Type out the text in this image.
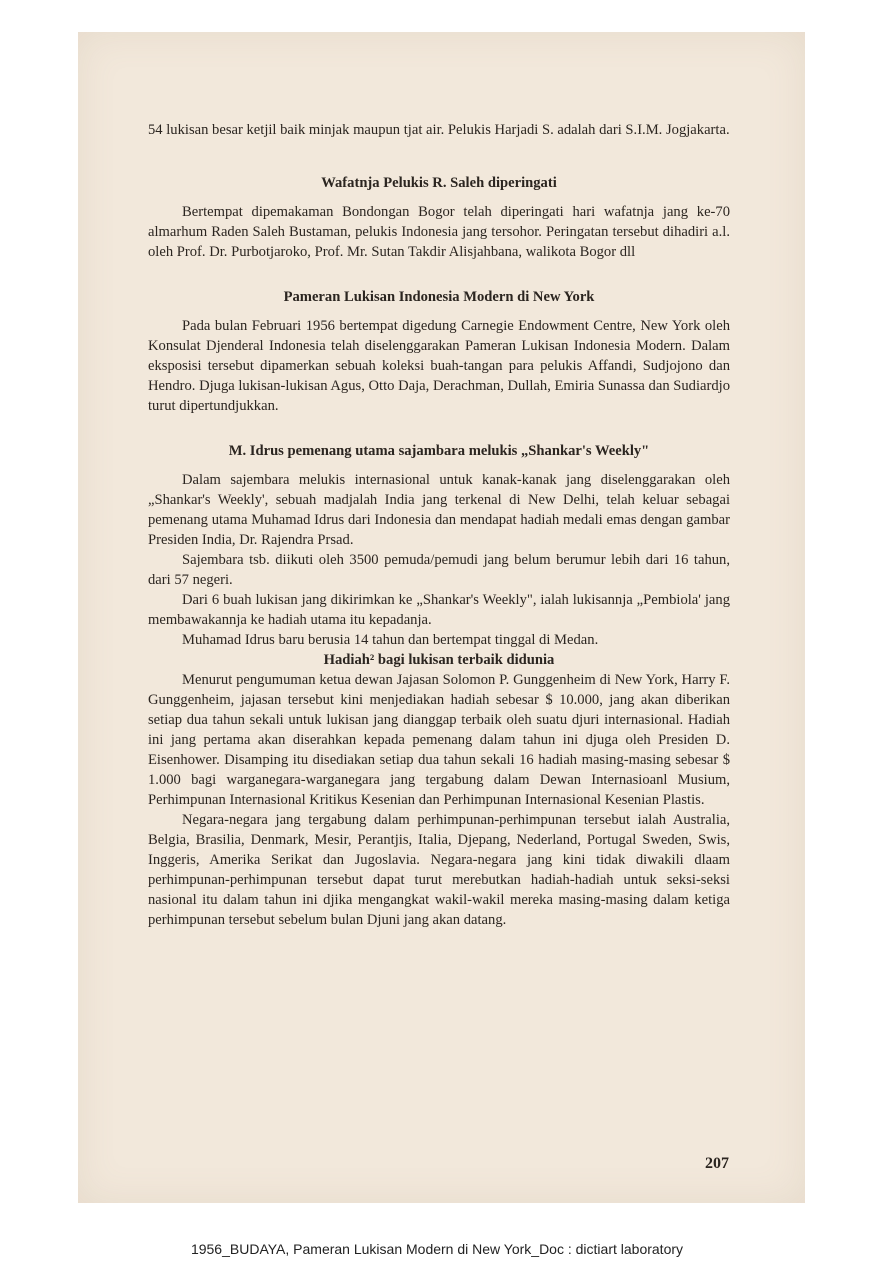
54 lukisan besar ketjil baik minjak maupun tjat air. Pelukis Harjadi S. adalah dari S.I.M. Jogjakarta.

Wafatnja Pelukis R. Saleh diperingati

Bertempat dipemakaman Bondongan Bogor telah diperingati hari wafatnja jang ke-70 almarhum Raden Saleh Bustaman, pelukis Indonesia jang tersohor. Peringatan tersebut dihadiri a.l. oleh Prof. Dr. Purbotjaroko, Prof. Mr. Sutan Takdir Alisjahbana, walikota Bogor dll

Pameran Lukisan Indonesia Modern di New York

Pada bulan Februari 1956 bertempat digedung Carnegie Endowment Centre, New York oleh Konsulat Djenderal Indonesia telah diselenggarakan Pameran Lukisan Indonesia Modern. Dalam eksposisi tersebut dipamerkan sebuah koleksi buah-tangan para pelukis Affandi, Sudjojono dan Hendro. Djuga lukisan-lukisan Agus, Otto Daja, Derachman, Dullah, Emiria Sunassa dan Sudiardjo turut dipertundjukkan.

M. Idrus pemenang utama sajambara melukis „Shankar's Weekly"

Dalam sajembara melukis internasional untuk kanak-kanak jang diselenggarakan oleh „Shankar's Weekly', sebuah madjalah India jang terkenal di New Delhi, telah keluar sebagai pemenang utama Muhamad Idrus dari Indonesia dan mendapat hadiah medali emas dengan gambar Presiden India, Dr. Rajendra Prsad.

Sajembara tsb. diikuti oleh 3500 pemuda/pemudi jang belum berumur lebih dari 16 tahun, dari 57 negeri.

Dari 6 buah lukisan jang dikirimkan ke „Shankar's Weekly", ialah lukisannja „Pembiola' jang membawakannja ke hadiah utama itu kepadanja.

Muhamad Idrus baru berusia 14 tahun dan bertempat tinggal di Medan.

Hadiah² bagi lukisan terbaik didunia

Menurut pengumuman ketua dewan Jajasan Solomon P. Gunggenheim di New York, Harry F. Gunggenheim, jajasan tersebut kini menjediakan hadiah sebesar $ 10.000, jang akan diberikan setiap dua tahun sekali untuk lukisan jang dianggap terbaik oleh suatu djuri internasional. Hadiah ini jang pertama akan diserahkan kepada pemenang dalam tahun ini djuga oleh Presiden D. Eisenhower. Disamping itu disediakan setiap dua tahun sekali 16 hadiah masing-masing sebesar $ 1.000 bagi warganegara-warganegara jang tergabung dalam Dewan Internasioanl Musium, Perhimpunan Internasional Kritikus Kesenian dan Perhimpunan Internasional Kesenian Plastis.

Negara-negara jang tergabung dalam perhimpunan-perhimpunan tersebut ialah Australia, Belgia, Brasilia, Denmark, Mesir, Perantjis, Italia, Djepang, Nederland, Portugal Sweden, Swis, Inggeris, Amerika Serikat dan Jugoslavia. Negara-negara jang kini tidak diwakili dlaam perhimpunan-perhimpunan tersebut dapat turut merebutkan hadiah-hadiah untuk seksi-seksi nasional itu dalam tahun ini djika mengangkat wakil-wakil mereka masing-masing dalam ketiga perhimpunan tersebut sebelum bulan Djuni jang akan datang.

207
1956_BUDAYA, Pameran Lukisan Modern di New York_Doc : dictiart laboratory
